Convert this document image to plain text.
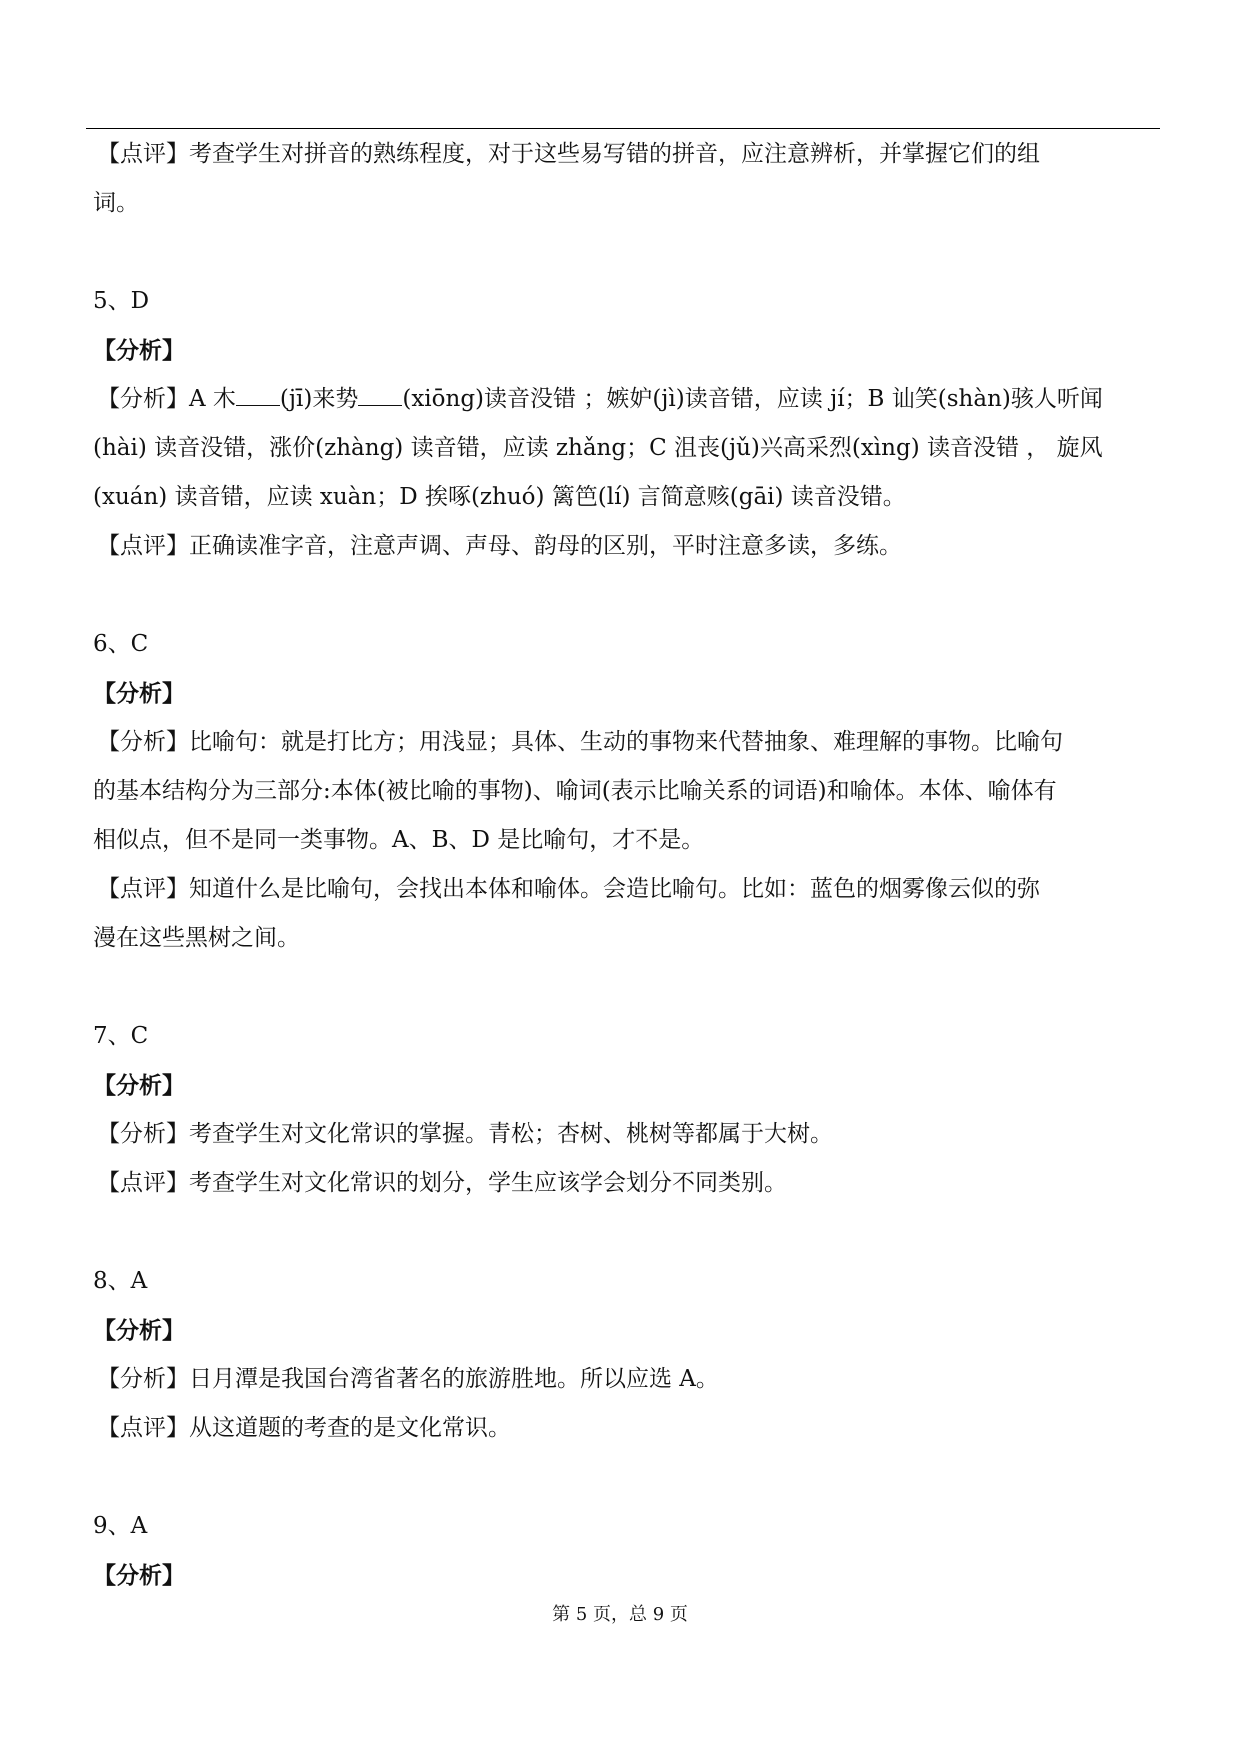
【点评】考查学生对拼音的熟练程度，对于这些易写错的拼音，应注意辨析，并掌握它们的组

词。

5、D

【分析】

【分析】A 木 (jī)来势 (xiōng)读音没错 ；嫉妒(jì)读音错，应读 jí；B 讪笑(shàn)骇人听闻

(hài) 读音没错，涨价(zhàng) 读音错，应读 zhǎng；C 沮丧(jǔ)兴高采烈(xìng) 读音没错 ， 旋风

(xuán) 读音错，应读 xuàn；D 挨啄(zhuó) 篱笆(lí) 言简意赅(gāi) 读音没错。

【点评】正确读准字音，注意声调、声母、韵母的区别，平时注意多读，多练。

6、C

【分析】

【分析】比喻句：就是打比方；用浅显；具体、生动的事物来代替抽象、难理解的事物。比喻句

的基本结构分为三部分:本体(被比喻的事物)、喻词(表示比喻关系的词语)和喻体。本体、喻体有

相似点，但不是同一类事物。A、B、D 是比喻句，才不是。

【点评】知道什么是比喻句，会找出本体和喻体。会造比喻句。比如：蓝色的烟雾像云似的弥

漫在这些黑树之间。

7、C

【分析】

【分析】考查学生对文化常识的掌握。青松；杏树、桃树等都属于大树。

【点评】考查学生对文化常识的划分，学生应该学会划分不同类别。

8、A

【分析】

【分析】日月潭是我国台湾省著名的旅游胜地。所以应选 A。

【点评】从这道题的考查的是文化常识。

9、A

【分析】

第 5 页，总 9 页
